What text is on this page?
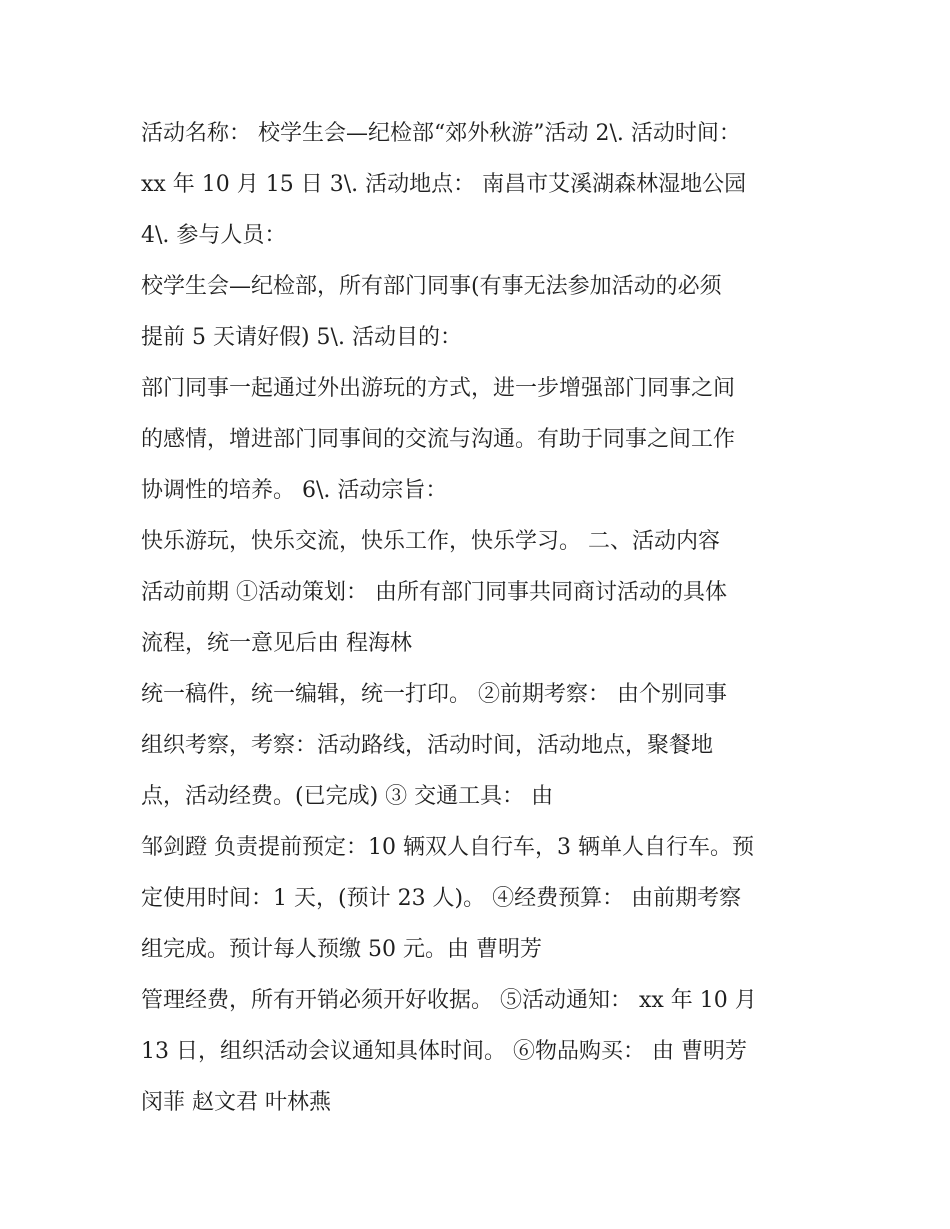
活动名称： 校学生会—纪检部“郊外秋游”活动 2\. 活动时间：
xx 年 10 月 15 日 3\. 活动地点： 南昌市艾溪湖森林湿地公园
4\. 参与人员：
校学生会—纪检部，所有部门同事(有事无法参加活动的必须
提前 5 天请好假) 5\. 活动目的：
部门同事一起通过外出游玩的方式，进一步增强部门同事之间
的感情，增进部门同事间的交流与沟通。有助于同事之间工作
协调性的培养。 6\. 活动宗旨：
快乐游玩，快乐交流，快乐工作，快乐学习。 二、活动内容
活动前期 ①活动策划： 由所有部门同事共同商讨活动的具体
流程，统一意见后由 程海林
统一稿件，统一编辑，统一打印。 ②前期考察： 由个别同事
组织考察，考察：活动路线，活动时间，活动地点，聚餐地
点，活动经费。(已完成) ③ 交通工具： 由
邹剑蹬 负责提前预定：10 辆双人自行车，3 辆单人自行车。预
定使用时间：1 天，(预计 23 人)。 ④经费预算： 由前期考察
组完成。预计每人预缴 50 元。由 曹明芳
管理经费，所有开销必须开好收据。 ⑤活动通知： xx 年 10 月
13 日，组织活动会议通知具体时间。 ⑥物品购买： 由 曹明芳
闵菲 赵文君 叶林燕
